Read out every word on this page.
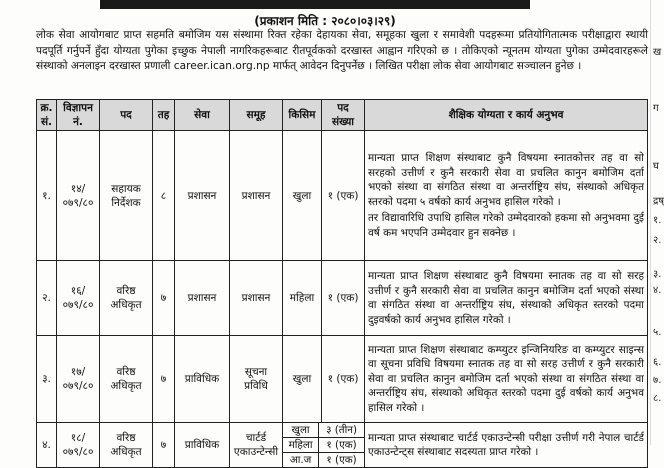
(प्रकाशन मिति : २०८०।०३।२९)
लोक सेवा आयोगबाट प्राप्त सहमति बमोजिम यस संस्थामा रिक्त रहेका देहायका सेवा, समूहका खुला र समावेशी पदहरूमा प्रतियोगितात्मक परीक्षाद्वारा स्थायी पदपूर्ति गर्नुपर्ने हुँदा योग्यता पुगेका इच्छुक नेपाली नागरिकहरूबाट रीतपूर्वकको दरखास्त आह्वान गरिएको छ । तोकिएको न्यूनतम योग्यता पुगेका उम्मेदवारहरूले संस्थाको अनलाइन दरखास्त प्रणाली career.ican.org.np मार्फत् आवेदन दिनुपर्नेछ । लिखित परीक्षा लोक सेवा आयोगबाट सञ्चालन हुनेछ ।
क्र. सं.	विज्ञापन नं.	पद	तह	सेवा	समूह	किसिम	पद संख्या	शैक्षिक योग्यता र कार्य अनुभव
१.	१४/ ०७९/८०	सहायक निर्देशक	८	प्रशासन	प्रशासन	खुला	१ (एक)	
मान्यता प्राप्त शिक्षण संस्थाबाट कुनै विषयमा स्नातकोत्तर तह वा सो सरहको उत्तीर्ण र कुनै सरकारी सेवा वा प्रचलित कानुन बमोजिम दर्ता भएको संस्था वा संगठित संस्था वा अन्तर्राष्ट्रिय संघ, संस्थाको अधिकृत स्तरको पदमा ५ वर्षको कार्य अनुभव हासिल गरेको ।
तर विद्यावारिधि उपाधि हासिल गरेको उम्मेदवारको हकमा सो अनुभवमा दुई वर्ष कम भएपनि उम्मेदवार हुन सक्नेछ ।

२.	१६/ ०७९/८०	वरिष्ठ अधिकृत	७	प्रशासन	प्रशासन	महिला	१ (एक)	मान्यता प्राप्त शिक्षण संस्थाबाट कुनै विषयमा स्नातक तह वा सो सरह उत्तीर्ण र कुनै सरकारी सेवा वा प्रचलित कानुन बमोजिम दर्ता भएको संस्था वा संगठित संस्था वा अन्तर्राष्ट्रिय संघ, संस्थाको अधिकृत स्तरको पदमा दुइवर्षको कार्य अनुभव हासिल गरेको ।
३.	१७/ ०७९/८०	वरिष्ठ अधिकृत	७	प्राविधिक	सूचना प्रविधि	खुला	१ (एक)	मान्यता प्राप्त शिक्षण संस्थाबाट कम्प्युटर इन्जिनियरिङ वा कम्प्युटर साइन्स वा सूचना प्रविधि विषयमा स्नातक तह वा सो सरह उत्तीर्ण र कुनै सरकारी सेवा वा प्रचलित कानुन बमोजिम दर्ता भएको संस्था वा संगठित संस्था वा अन्तर्राष्ट्रिय संघ, संस्थाको अधिकृत स्तरको पदमा दुई वर्षको कार्य अनुभव हासिल गरेको ।
४.	१८/ ०७९/८०	वरिष्ठ अधिकृत	७	प्राविधिक	चार्टर्ड एकाउन्टेन्सी	
खुला	३ (तीन)
महिला	१ (एक)
आ.ज	१ (एक)
	मान्यता प्राप्त संस्थाबाट चार्टर्ड एकाउन्टेन्सी परीक्षा उत्तीर्ण गरी नेपाल चार्टर्ड एकाउन्टेन्ट्स संस्थाबाट सदस्यता प्राप्त गरेको ।
ख
ग
घ
द्रष्
१.
२.
३.
४.
५.
६.
७.
८.
